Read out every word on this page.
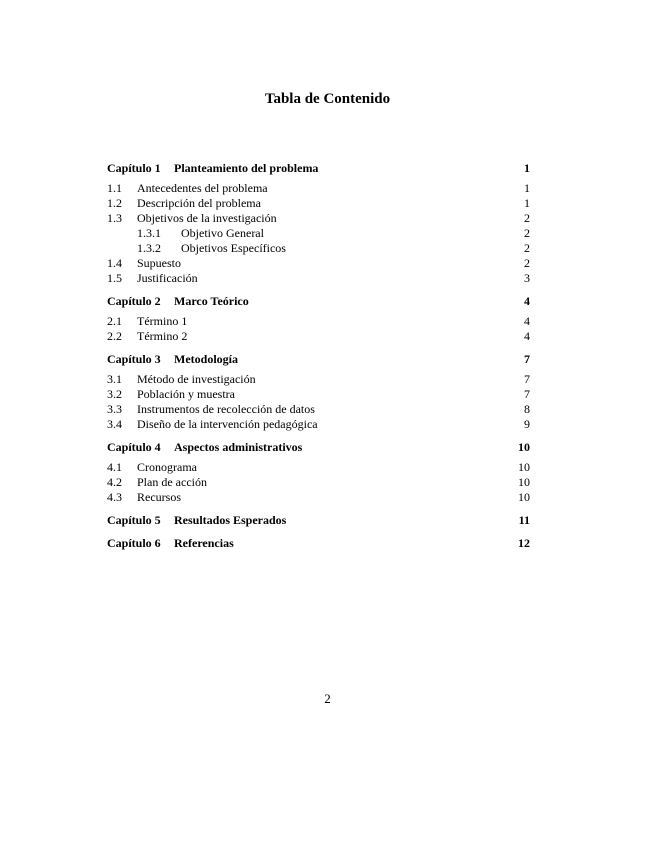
Tabla de Contenido
Capítulo 1 Planteamiento del problema	1
1.1 Antecedentes del problema	1
1.2 Descripción del problema	1
1.3 Objetivos de la investigación	2
1.3.1 Objetivo General	2
1.3.2 Objetivos Específicos	2
1.4 Supuesto	2
1.5 Justificación	3
Capítulo 2 Marco Teórico	4
2.1 Término 1	4
2.2 Término 2	4
Capítulo 3 Metodología	7
3.1 Método de investigación	7
3.2 Población y muestra	7
3.3 Instrumentos de recolección de datos	8
3.4 Diseño de la intervención pedagógica	9
Capítulo 4 Aspectos administrativos	10
4.1 Cronograma	10
4.2 Plan de acción	10
4.3 Recursos	10
Capítulo 5 Resultados Esperados	11
Capítulo 6 Referencias	12
2
